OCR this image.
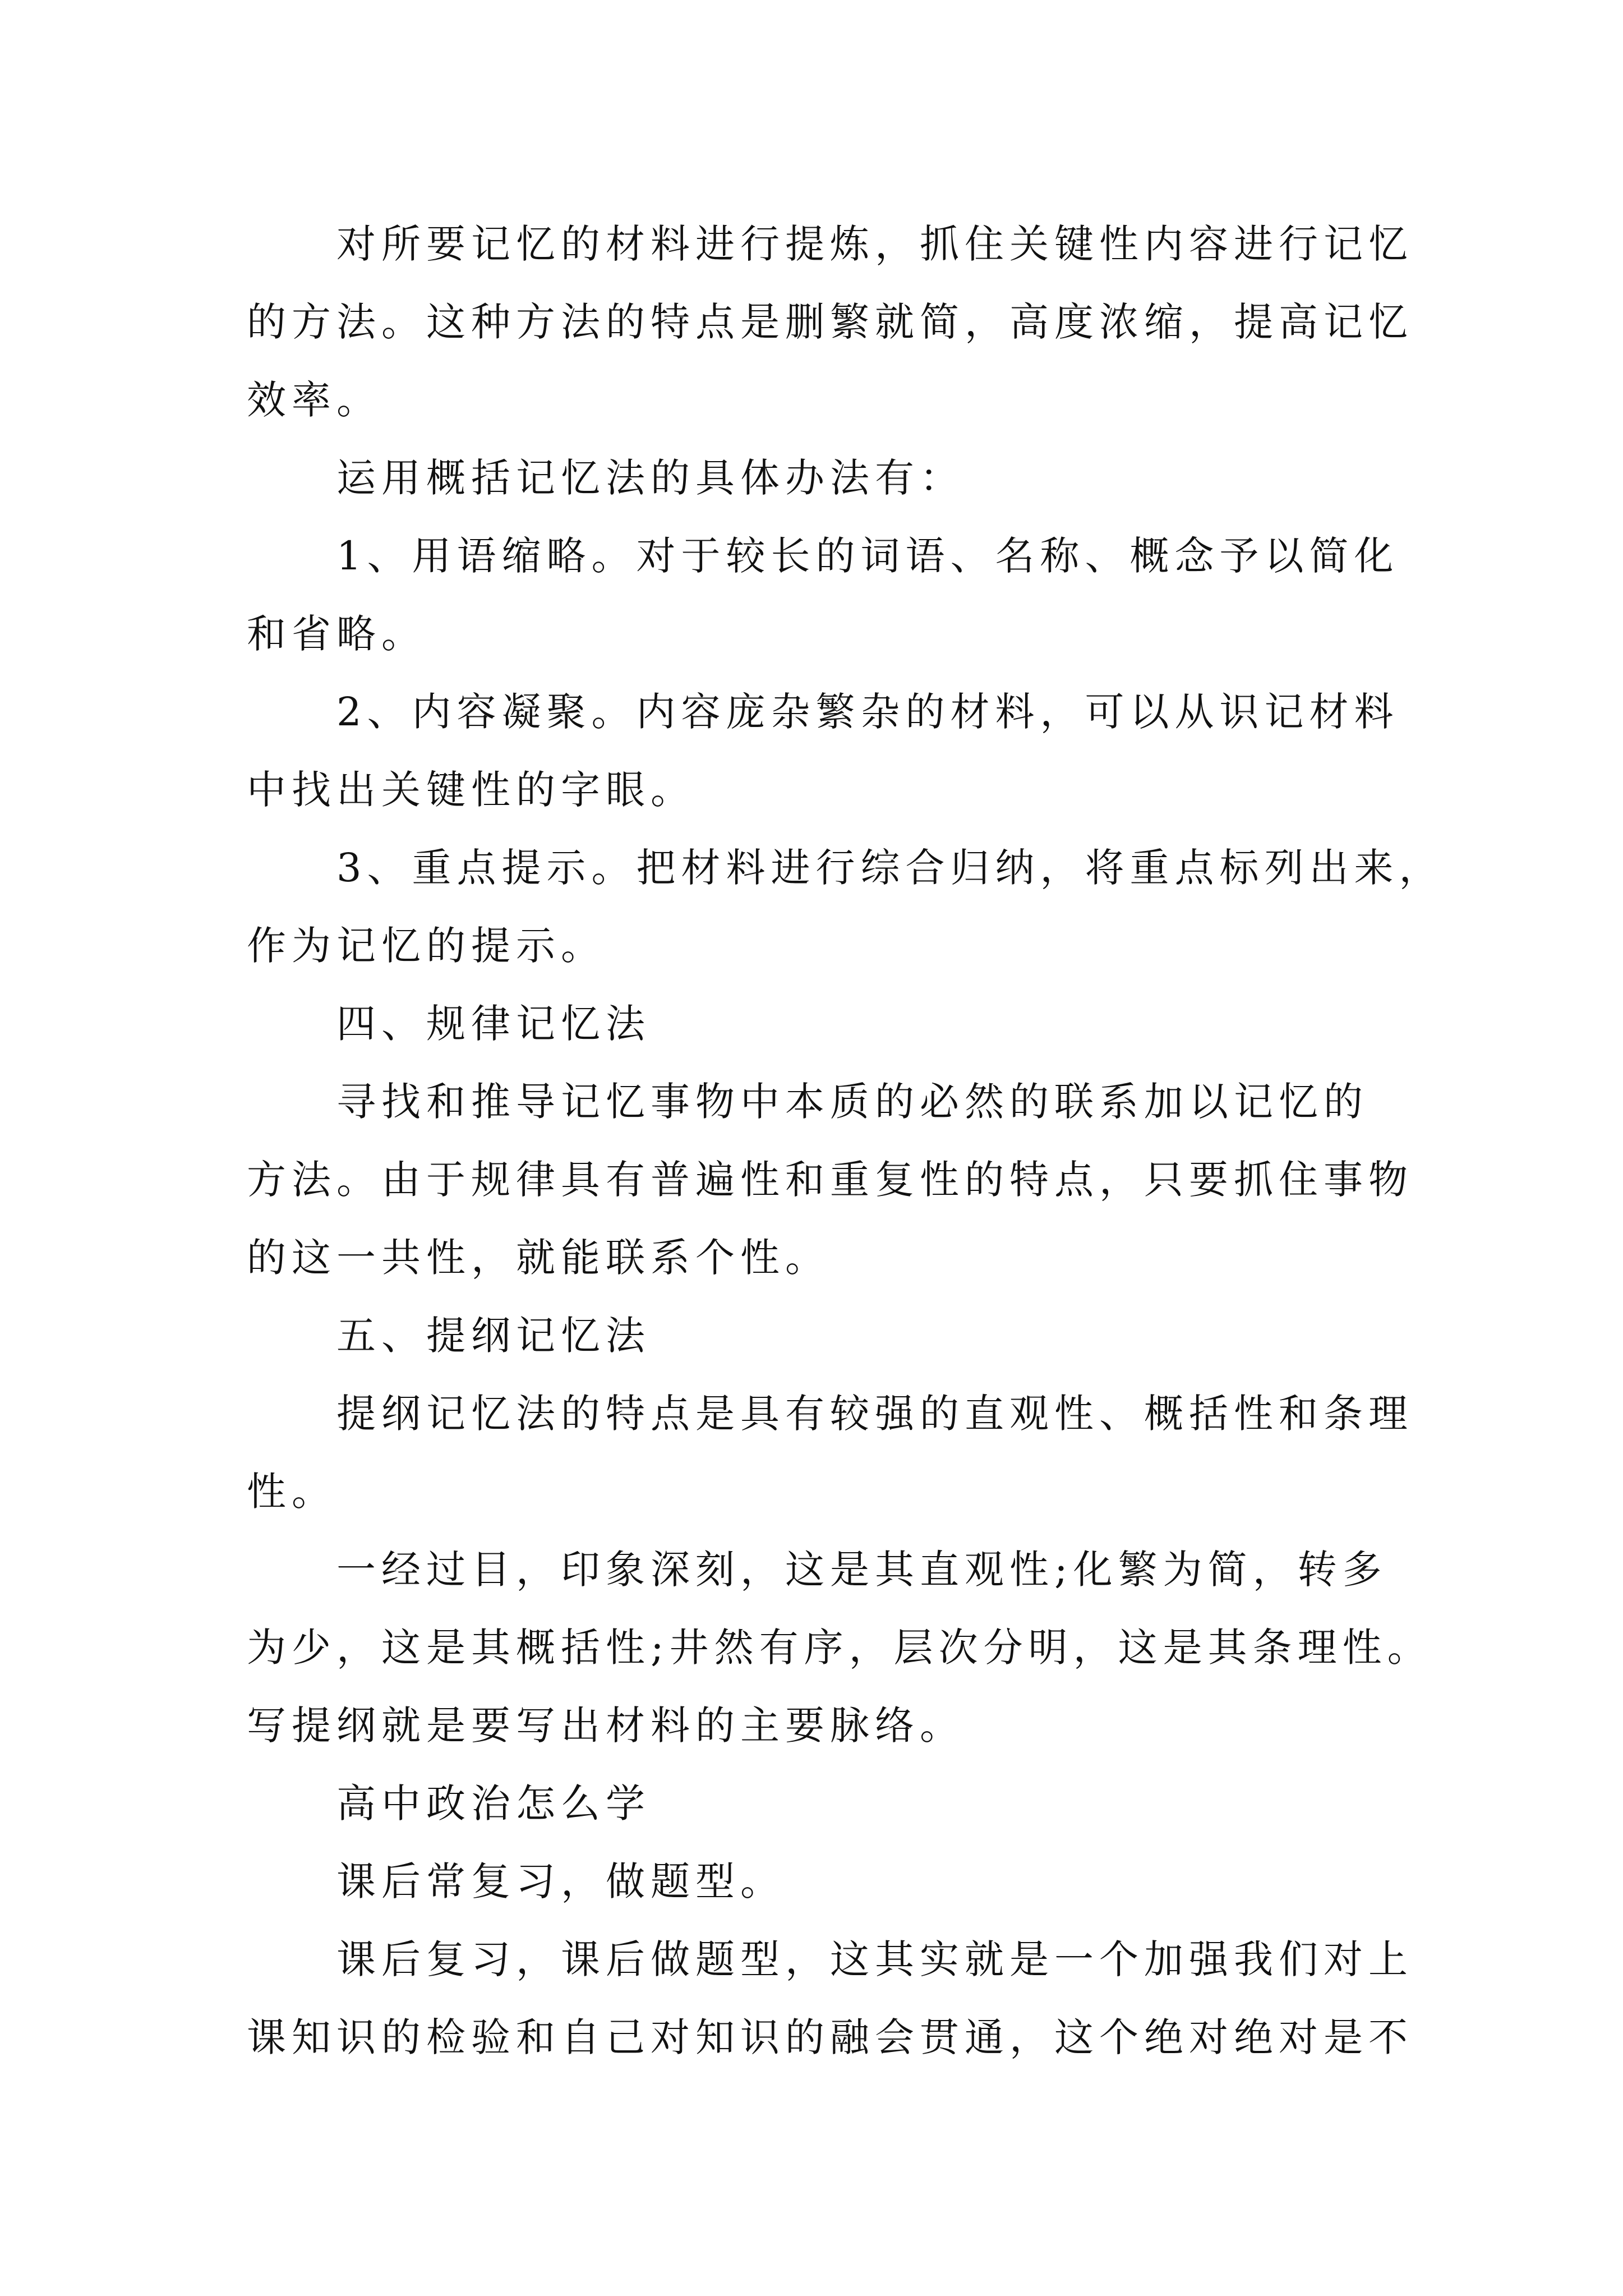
对所要记忆的材料进行提炼，抓住关键性内容进行记忆
的方法。这种方法的特点是删繁就简，高度浓缩，提高记忆
效率。
运用概括记忆法的具体办法有：
1、用语缩略。对于较长的词语、名称、概念予以简化
和省略。
2、内容凝聚。内容庞杂繁杂的材料，可以从识记材料
中找出关键性的字眼。
3、重点提示。把材料进行综合归纳，将重点标列出来，
作为记忆的提示。
四、规律记忆法
寻找和推导记忆事物中本质的必然的联系加以记忆的
方法。由于规律具有普遍性和重复性的特点，只要抓住事物
的这一共性，就能联系个性。
五、提纲记忆法
提纲记忆法的特点是具有较强的直观性、概括性和条理
性。
一经过目，印象深刻，这是其直观性;化繁为简，转多
为少，这是其概括性;井然有序，层次分明，这是其条理性。
写提纲就是要写出材料的主要脉络。
高中政治怎么学
课后常复习，做题型。
课后复习，课后做题型，这其实就是一个加强我们对上
课知识的检验和自己对知识的融会贯通，这个绝对绝对是不
